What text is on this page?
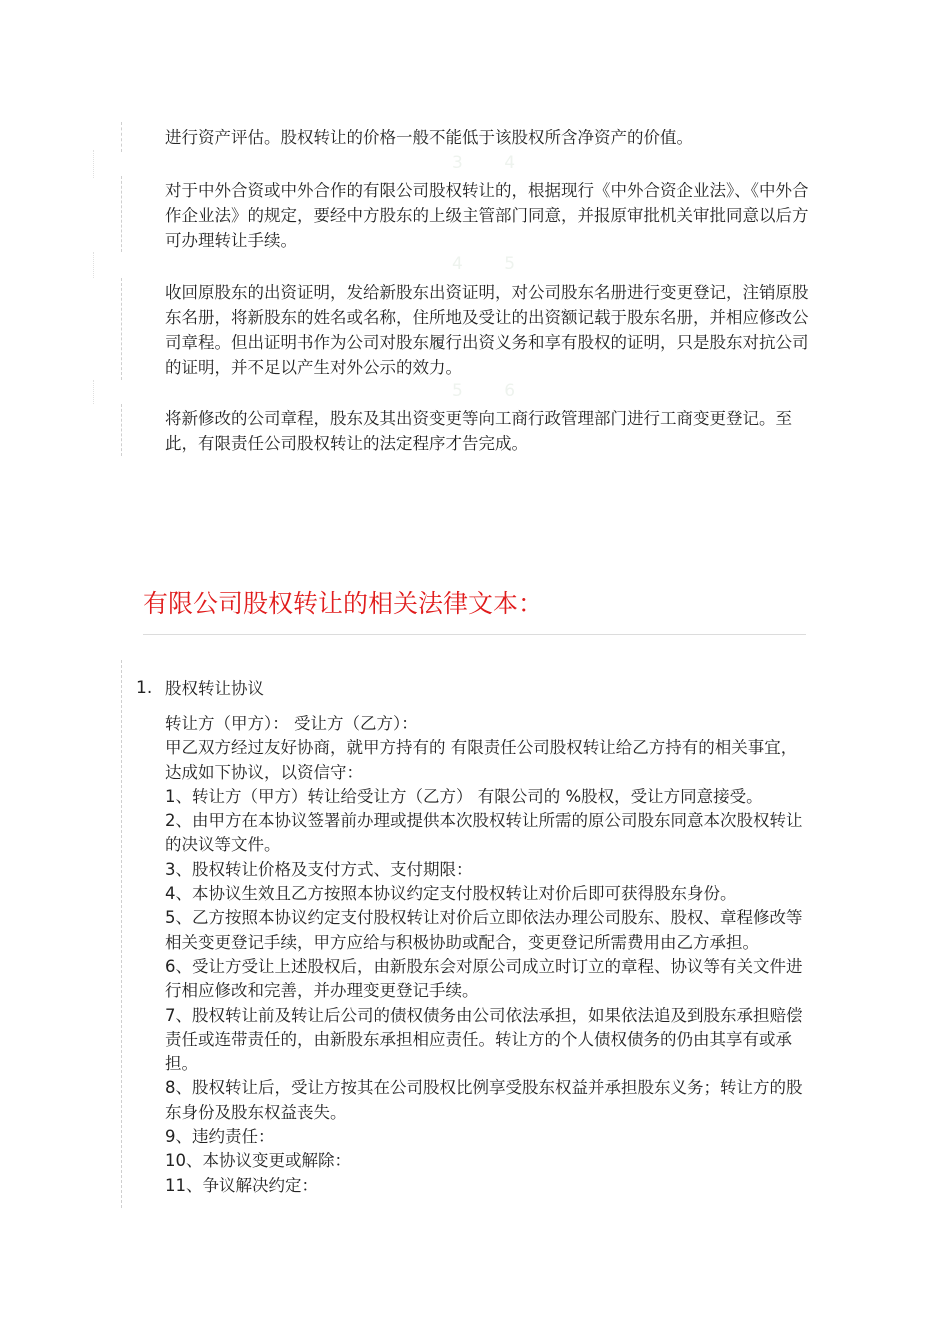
3 4
4 5
5 6

进行资产评估。股权转让的价格一般不能低于该股权所含净资产的价值。

对于中外合资或中外合作的有限公司股权转让的，根据现行《中外合资企业法》、《中外合作企业法》的规定，要经中方股东的上级主管部门同意，并报原审批机关审批同意以后方可办理转让手续。

收回原股东的出资证明，发给新股东出资证明，对公司股东名册进行变更登记，注销原股东名册，将新股东的姓名或名称，住所地及受让的出资额记载于股东名册，并相应修改公司章程。但出证明书作为公司对股东履行出资义务和享有股权的证明，只是股东对抗公司的证明，并不足以产生对外公示的效力。

将新修改的公司章程，股东及其出资变更等向工商行政管理部门进行工商变更登记。至此，有限责任公司股权转让的法定程序才告完成。

有限公司股权转让的相关法律文本：
1. 股权转让协议

转让方（甲方）： 受让方（乙方）：

甲乙双方经过友好协商，就甲方持有的 有限责任公司股权转让给乙方持有的相关事宜，达成如下协议，以资信守：

1、转让方（甲方）转让给受让方（乙方） 有限公司的 %股权，受让方同意接受。

2、由甲方在本协议签署前办理或提供本次股权转让所需的原公司股东同意本次股权转让的决议等文件。

3、股权转让价格及支付方式、支付期限：

4、本协议生效且乙方按照本协议约定支付股权转让对价后即可获得股东身份。

5、乙方按照本协议约定支付股权转让对价后立即依法办理公司股东、股权、章程修改等相关变更登记手续，甲方应给与积极协助或配合，变更登记所需费用由乙方承担。

6、受让方受让上述股权后，由新股东会对原公司成立时订立的章程、协议等有关文件进行相应修改和完善，并办理变更登记手续。

7、股权转让前及转让后公司的债权债务由公司依法承担，如果依法追及到股东承担赔偿责任或连带责任的，由新股东承担相应责任。转让方的个人债权债务的仍由其享有或承担。

8、股权转让后，受让方按其在公司股权比例享受股东权益并承担股东义务；转让方的股东身份及股东权益丧失。

9、违约责任：

10、本协议变更或解除：

11、争议解决约定：
